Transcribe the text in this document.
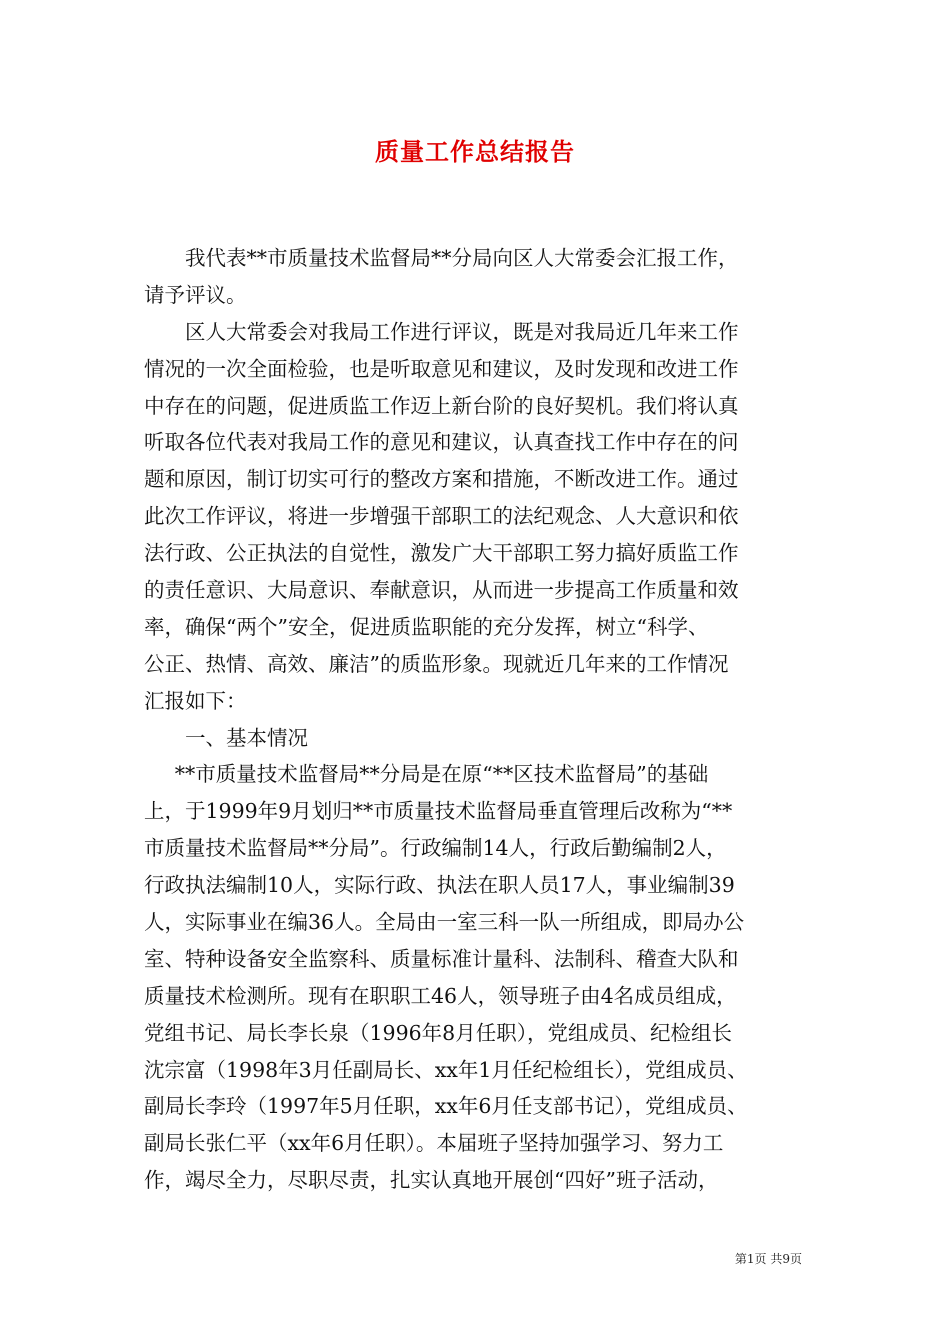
质量工作总结报告
我代表**市质量技术监督局**分局向区人大常委会汇报工作，
请予评议。
区人大常委会对我局工作进行评议，既是对我局近几年来工作
情况的一次全面检验，也是听取意见和建议，及时发现和改进工作
中存在的问题，促进质监工作迈上新台阶的良好契机。我们将认真
听取各位代表对我局工作的意见和建议，认真查找工作中存在的问
题和原因，制订切实可行的整改方案和措施，不断改进工作。通过
此次工作评议，将进一步增强干部职工的法纪观念、人大意识和依
法行政、公正执法的自觉性，激发广大干部职工努力搞好质监工作
的责任意识、大局意识、奉献意识，从而进一步提高工作质量和效
率，确保“两个”安全，促进质监职能的充分发挥，树立“科学、
公正、热情、高效、廉洁”的质监形象。现就近几年来的工作情况
汇报如下：
一、基本情况
**市质量技术监督局**分局是在原“**区技术监督局”的基础
上，于1999年9月划归**市质量技术监督局垂直管理后改称为“**
市质量技术监督局**分局”。行政编制14人，行政后勤编制2人，
行政执法编制10人，实际行政、执法在职人员17人，事业编制39
人，实际事业在编36人。全局由一室三科一队一所组成，即局办公
室、特种设备安全监察科、质量标准计量科、法制科、稽查大队和
质量技术检测所。现有在职职工46人，领导班子由4名成员组成，
党组书记、局长李长泉（1996年8月任职），党组成员、纪检组长
沈宗富（1998年3月任副局长、xx年1月任纪检组长），党组成员、
副局长李玲（1997年5月任职，xx年6月任支部书记），党组成员、
副局长张仁平（xx年6月任职）。本届班子坚持加强学习、努力工
作，竭尽全力，尽职尽责，扎实认真地开展创“四好”班子活动，
第1页 共9页
